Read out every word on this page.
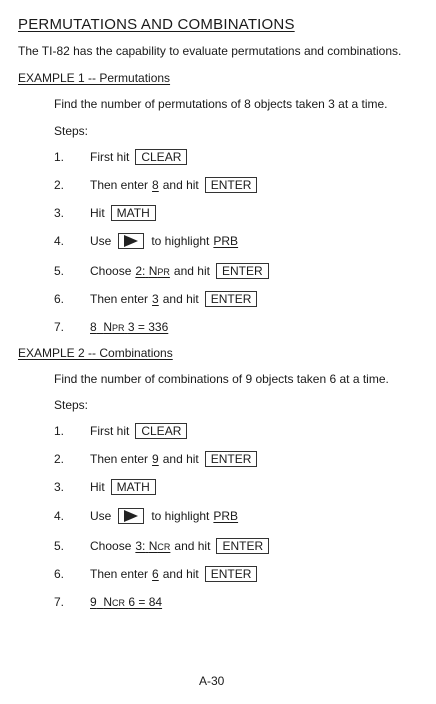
PERMUTATIONS AND COMBINATIONS
The TI-82 has the capability to evaluate permutations and combinations.
EXAMPLE 1 -- Permutations
Find the number of permutations of 8 objects taken 3 at a time.
Steps:
1. First hit	CLEAR
2. Then enter 8 and hit	ENTER
3. Hit	MATH
4. Use	to highlight PRB
5. Choose 2: NPR and hit	ENTER
6. Then enter 3 and hit	ENTER
7. 8 NPR 3 = 336
EXAMPLE 2 -- Combinations
Find the number of combinations of 9 objects taken 6 at a time.
Steps:
1. First hit	CLEAR
2. Then enter 9 and hit	ENTER
3. Hit	MATH
4. Use	to highlight PRB
5. Choose 3: NCR and hit	ENTER
6. Then enter 6 and hit	ENTER
7. 9 NCR 6 = 84
A-30
